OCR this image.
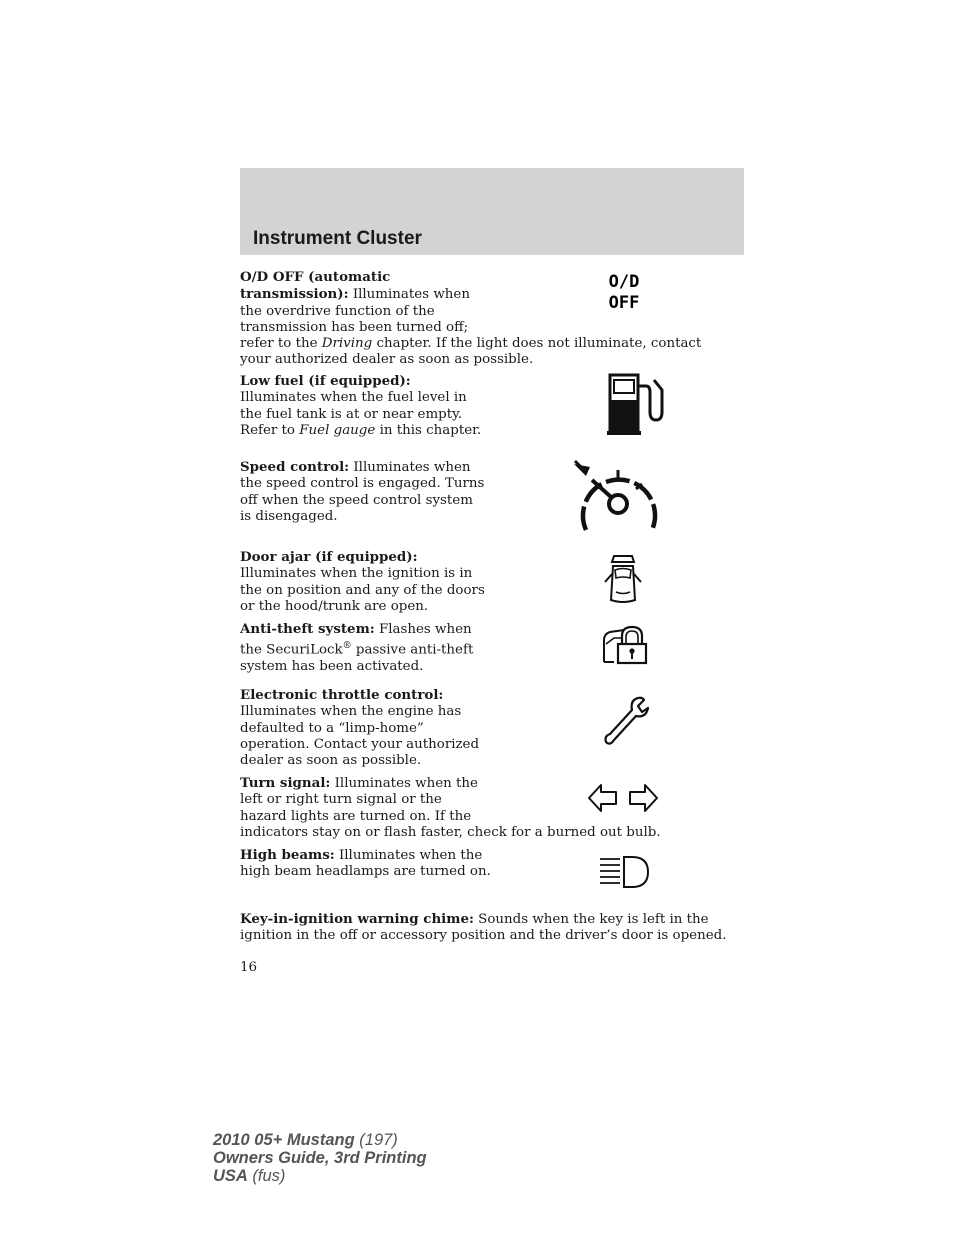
Instrument Cluster
O/D OFF (automatic
transmission): Illuminates when
the overdrive function of the
transmission has been turned off;
refer to the Driving chapter. If the light does not illuminate, contact
your authorized dealer as soon as possible.
O/D
OFF
Low fuel (if equipped):
Illuminates when the fuel level in
the fuel tank is at or near empty.
Refer to Fuel gauge in this chapter.
Speed control: Illuminates when
the speed control is engaged. Turns
off when the speed control system
is disengaged.
Door ajar (if equipped):
Illuminates when the ignition is in
the on position and any of the doors
or the hood/trunk are open.
Anti-theft system: Flashes when
the SecuriLock® passive anti-theft
system has been activated.
Electronic throttle control:
Illuminates when the engine has
defaulted to a “limp-home”
operation. Contact your authorized
dealer as soon as possible.
Turn signal: Illuminates when the
left or right turn signal or the
hazard lights are turned on. If the
indicators stay on or flash faster, check for a burned out bulb.
High beams: Illuminates when the
high beam headlamps are turned on.
Key-in-ignition warning chime: Sounds when the key is left in the
ignition in the off or accessory position and the driver’s door is opened.
16
2010 05+ Mustang (197)
Owners Guide, 3rd Printing
USA (fus)
